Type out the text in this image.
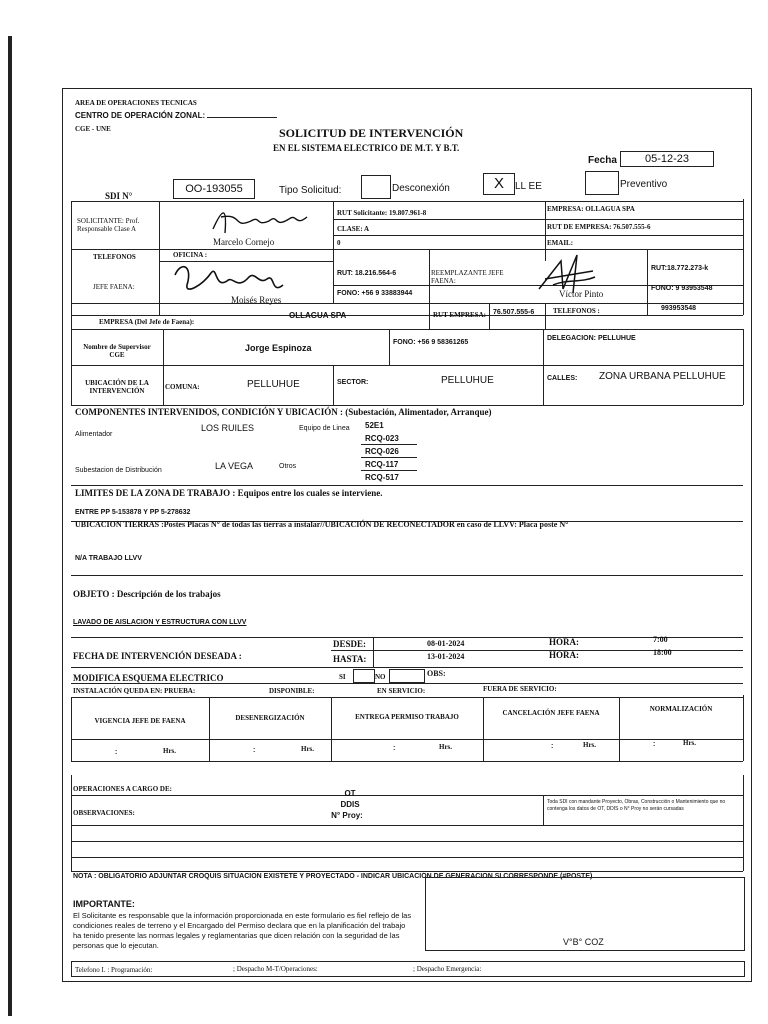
AREA DE OPERACIONES TECNICAS
CENTRO DE OPERACIÓN ZONAL:
CGE - UNE	SOLICITUD DE INTERVENCIÓN
EN EL SISTEMA ELECTRICO DE M.T. Y B.T.
Fecha	05-12-23
SDI N°
OO-193055	Tipo Solicitud:	Desconexión	X	LL EE	Preventivo
SOLICITANTE: Prof. Responsable Clase A
Marcelo Cornejo
RUT Solicitante: 19.807.961-8	EMPRESA: OLLAGUA SPA
CLASE: A	RUT DE EMPRESA: 76.507.555-6
0	EMAIL:
TELEFONOS	OFICINA :
JEFE FAENA:
Moisés Reyes
RUT: 18.216.564-6
FONO: +56 9 33883944
REEMPLAZANTE JEFE FAENA:
Víctor Pinto
RUT:18.772.273-k
FONO: 9 93953548
EMPRESA (Del Jefe de Faena):
OLLAGUA SPA	RUT EMPRESA: 76.507.555-6	TELEFONOS :	993953548
Nombre de Supervisor CGE
Jorge Espinoza
FONO: +56 9 58361265
DELEGACION: PELLUHUE
UBICACIÓN DE LA INTERVENCIÓN	COMUNA:	PELLUHUE	SECTOR:	PELLUHUE	CALLES: ZONA URBANA PELLUHUE
COMPONENTES INTERVENIDOS, CONDICIÓN Y UBICACIÓN : (Subestación, Alimentador, Arranque)
Alimentador
LOS RUILES	Equipo de Linea 52E1
RCQ-023
RCQ-026
RCQ-117
RCQ-517
Subestacion de Distribución	LA VEGA	Otros
LIMITES DE LA ZONA DE TRABAJO : Equipos entre los cuales se interviene.
ENTRE PP 5-153878 Y PP 5-278632
UBICACION TIERRAS :Postes Placas N° de todas las tierras a instalar//UBICACIÓN DE RECONECTADOR en caso de LLVV: Placa poste N°
N/A TRABAJO LLVV
OBJETO : Descripción de los trabajos
LAVADO DE AISLACION Y ESTRUCTURA CON LLVV
FECHA DE INTERVENCIÓN DESEADA :
DESDE:	08-01-2024	HORA:	7:00
HASTA:	13-01-2024	HORA:	18:00
MODIFICA ESQUEMA ELECTRICO	SI	NO	OBS:
INSTALACIÓN QUEDA EN: PRUEBA:	DISPONIBLE:	EN SERVICIO:	FUERA DE SERVICIO:
VIGENCIA JEFE DE FAENA	DESENERGIZACIÓN	ENTREGA PERMISO TRABAJO	CANCELACIÓN JEFE FAENA	NORMALIZACIÓN
:	Hrs.	:	Hrs.	:	Hrs.	:	Hrs.	:	Hrs.
OPERACIONES A CARGO DE:
OBSERVACIONES:
OT
DDIS
N° Proy:
Toda SDI con mandante Proyecto, Obras, Construcción o Mantenimiento que no contenga los datos de OT, DDIS o N° Proy no serán cursadas
NOTA : OBLIGATORIO ADJUNTAR CROQUIS SITUACION EXISTETE Y PROYECTADO - INDICAR UBICACIÓN DE GENERACION SI CORRESPONDE (#POSTE)
IMPORTANTE:
El Solicitante es responsable que la información proporcionada en este formulario es fiel reflejo de las condiciones reales de terreno y el Encargado del Permiso declara que en la planificación del trabajo ha tenido presente las normas legales y reglamentarias que dicen relación con la seguridad de las personas que lo ejecutan.	V°B° COZ
Telefono I. : Programación:	; Despacho M-T/Operaciones:	; Despacho Emergencia:
